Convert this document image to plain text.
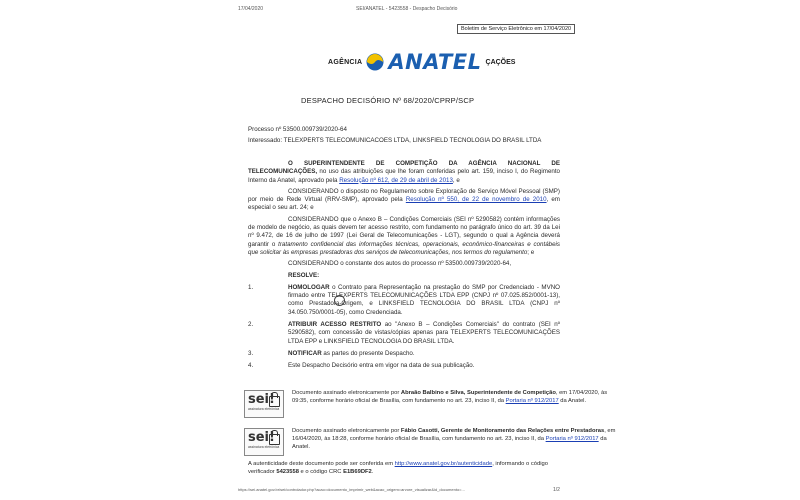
17/04/2020	SEI/ANATEL - 5423558 - Despacho Decisório
Boletim de Serviço Eletrônico em 17/04/2020
AGÊNCIA ANATEL ÇAÇÕES
DESPACHO DECISÓRIO Nº 68/2020/CPRP/SCP

Processo nº 53500.009739/2020-64

Interessado: TELEXPERTS TELECOMUNICACOES LTDA, LINKSFIELD TECNOLOGIA DO BRASIL LTDA

O SUPERINTENDENTE DE COMPETIÇÃO DA AGÊNCIA NACIONAL DE TELECOMUNICAÇÕES, no uso das atribuições que lhe foram conferidas pelo art. 159, inciso I, do Regimento Interno da Anatel, aprovado pela Resolução nº 612, de 29 de abril de 2013, e

CONSIDERANDO o disposto no Regulamento sobre Exploração de Serviço Móvel Pessoal (SMP) por meio de Rede Virtual (RRV-SMP), aprovado pela Resolução nº 550, de 22 de novembro de 2010, em especial o seu art. 24; e

CONSIDERANDO que o Anexo B – Condições Comerciais (SEI nº 5290582) contém informações de modelo de negócio, as quais devem ter acesso restrito, com fundamento no parágrafo único do art. 39 da Lei nº 9.472, de 16 de julho de 1997 (Lei Geral de Telecomunicações - LGT), segundo o qual a Agência deverá garantir o tratamento confidencial das informações técnicas, operacionais, econômico-financeiras e contábeis que solicitar às empresas prestadoras dos serviços de telecomunicações, nos termos do regulamento; e

CONSIDERANDO o constante dos autos do processo nº 53500.009739/2020-64,

RESOLVE:

1.	HOMOLOGAR o Contrato para Representação na prestação do SMP por Credenciado - MVNO firmado entre TELEXPERTS TELECOMUNICAÇÕES LTDA EPP (CNPJ nº 07.025.852/0001-13), como Prestadora-Origem, e LINKSFIELD TECNOLOGIA DO BRASIL LTDA (CNPJ nº 34.050.750/0001-05), como Credenciada.
2.	ATRIBUIR ACESSO RESTRITO ao "Anexo B – Condições Comerciais" do contrato (SEI nº 5290582), com concessão de vistas/cópias apenas para TELEXPERTS TELECOMUNICAÇÕES LTDA EPP e LINKSFIELD TECNOLOGIA DO BRASIL LTDA.
3.	NOTIFICAR as partes do presente Despacho.
4.	Este Despacho Decisório entra em vigor na data de sua publicação.
sei!
assinatura eletrônica
Documento assinado eletronicamente por Abraão Balbino e Silva, Superintendente de Competição, em 17/04/2020, às 09:35, conforme horário oficial de Brasília, com fundamento no art. 23, inciso II, da Portaria nº 912/2017 da Anatel.
sei!
assinatura eletrônica
Documento assinado eletronicamente por Fábio Casotti, Gerente de Monitoramento das Relações entre Prestadoras, em 16/04/2020, às 18:28, conforme horário oficial de Brasília, com fundamento no art. 23, inciso II, da Portaria nº 912/2017 da Anatel.
A autenticidade deste documento pode ser conferida em http://www.anatel.gov.br/autenticidade, informando o código verificador 5423558 e o código CRC E1B69DF2.
https://sei.anatel.gov.br/sei/controlador.php?acao=documento_imprimir_web&acao_origem=arvore_visualizar&id_documento=...	1/2
